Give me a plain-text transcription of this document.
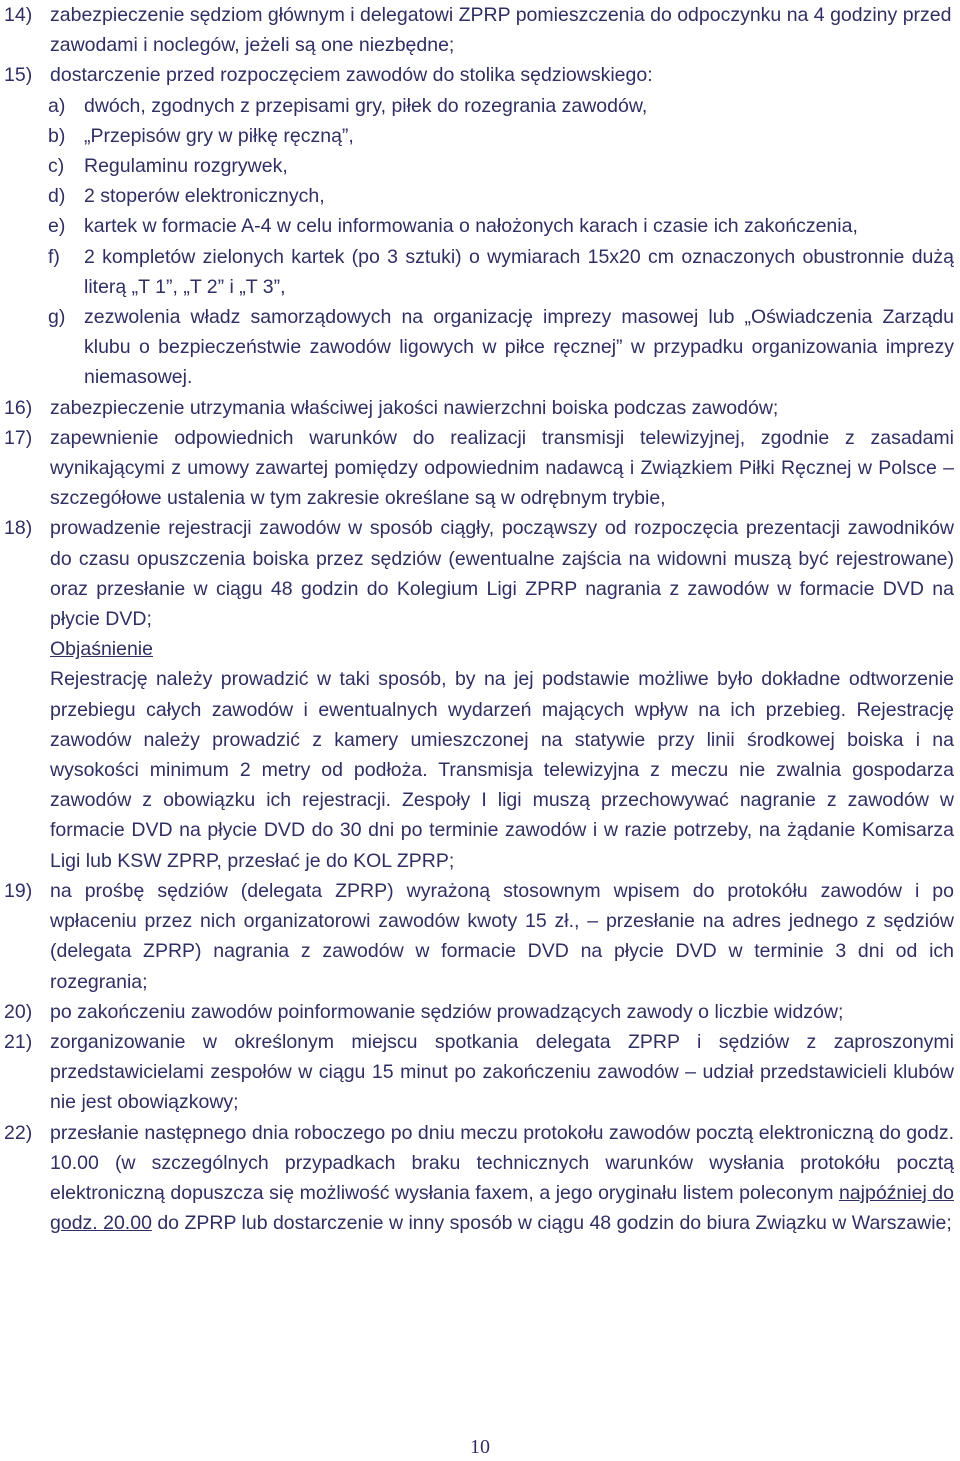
14) zabezpieczenie sędziom głównym i delegatowi ZPRP pomieszczenia do odpoczynku na 4 godziny przed zawodami i noclegów, jeżeli są one niezbędne;
15) dostarczenie przed rozpoczęciem zawodów do stolika sędziowskiego:
a) dwóch, zgodnych z przepisami gry, piłek do rozegrania zawodów,
b) „Przepisów gry w piłkę ręczną”,
c) Regulaminu rozgrywek,
d) 2 stoperów elektronicznych,
e) kartek w formacie A-4 w celu informowania o nałożonych karach i czasie ich zakończenia,
f) 2 kompletów zielonych kartek (po 3 sztuki) o wymiarach 15x20 cm oznaczonych obustronnie dużą literą „T 1”, „T 2” i „T 3”,
g) zezwolenia władz samorządowych na organizację imprezy masowej lub „Oświadczenia Zarządu klubu o bezpieczeństwie zawodów ligowych w piłce ręcznej” w przypadku organizowania imprezy niemasowej.
16) zabezpieczenie utrzymania właściwej jakości nawierzchni boiska podczas zawodów;
17) zapewnienie odpowiednich warunków do realizacji transmisji telewizyjnej, zgodnie z zasadami wynikającymi z umowy zawartej pomiędzy odpowiednim nadawcą i Związkiem Piłki Ręcznej w Polsce – szczegółowe ustalenia w tym zakresie określane są w odrębnym trybie,
18) prowadzenie rejestracji zawodów w sposób ciągły, począwszy od rozpoczęcia prezentacji zawodników do czasu opuszczenia boiska przez sędziów (ewentualne zajścia na widowni muszą być rejestrowane) oraz przesłanie w ciągu 48 godzin do Kolegium Ligi ZPRP nagrania z zawodów w formacie DVD na płycie DVD;
Objaśnienie
Rejestrację należy prowadzić w taki sposób, by na jej podstawie możliwe było dokładne odtworzenie przebiegu całych zawodów i ewentualnych wydarzeń mających wpływ na ich przebieg. Rejestrację zawodów należy prowadzić z kamery umieszczonej na statywie przy linii środkowej boiska i na wysokości minimum 2 metry od podłoża. Transmisja telewizyjna z meczu nie zwalnia gospodarza zawodów z obowiązku ich rejestracji. Zespoły I ligi muszą przechowywać nagranie z zawodów w formacie DVD na płycie DVD do 30 dni po terminie zawodów i w razie potrzeby, na żądanie Komisarza Ligi lub KSW ZPRP, przesłać je do KOL ZPRP;
19) na prośbę sędziów (delegata ZPRP) wyrażoną stosownym wpisem do protokółu zawodów i po wpłaceniu przez nich organizatorowi zawodów kwoty 15 zł., – przesłanie na adres jednego z sędziów (delegata ZPRP) nagrania z zawodów w formacie DVD na płycie DVD w terminie 3 dni od ich rozegrania;
20) po zakończeniu zawodów poinformowanie sędziów prowadzących zawody o liczbie widzów;
21) zorganizowanie w określonym miejscu spotkania delegata ZPRP i sędziów z zaproszonymi przedstawicielami zespołów w ciągu 15 minut po zakończeniu zawodów – udział przedstawicieli klubów nie jest obowiązkowy;
22) przesłanie następnego dnia roboczego po dniu meczu protokołu zawodów pocztą elektroniczną do godz. 10.00 (w szczególnych przypadkach braku technicznych warunków wysłania protokółu pocztą elektroniczną dopuszcza się możliwość wysłania faxem, a jego oryginału listem poleconym najpóźniej do godz. 20.00 do ZPRP lub dostarczenie w inny sposób w ciągu 48 godzin do biura Związku w Warszawie;
10
